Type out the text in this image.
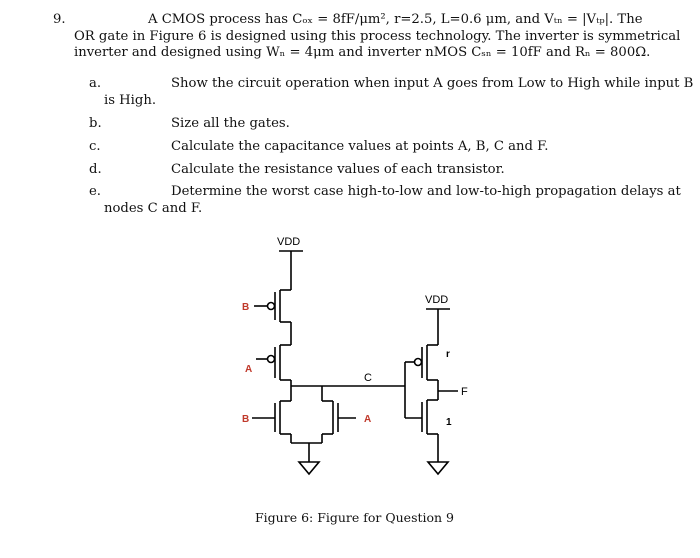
9.	A CMOS process has Cₒₓ = 8fF/μm², r=2.5, L=0.6 μm, and Vₜₙ = |Vₜₚ|. The
OR gate in Figure 6 is designed using this process technology. The inverter is symmetrical
inverter and designed using Wₙ = 4μm and inverter nMOS Cₛₙ = 10fF and Rₙ = 800Ω.
a.	Show the circuit operation when input A goes from Low to High while input B
is High.
b.	Size all the gates.
c.	Calculate the capacitance values at points A, B, C and F.
d.	Calculate the resistance values of each transistor.
e.	Determine the worst case high-to-low and low-to-high propagation delays at
nodes C and F.
VDD
VDD
B
A
B	A
C
F
r
1
Figure 6: Figure for Question 9
